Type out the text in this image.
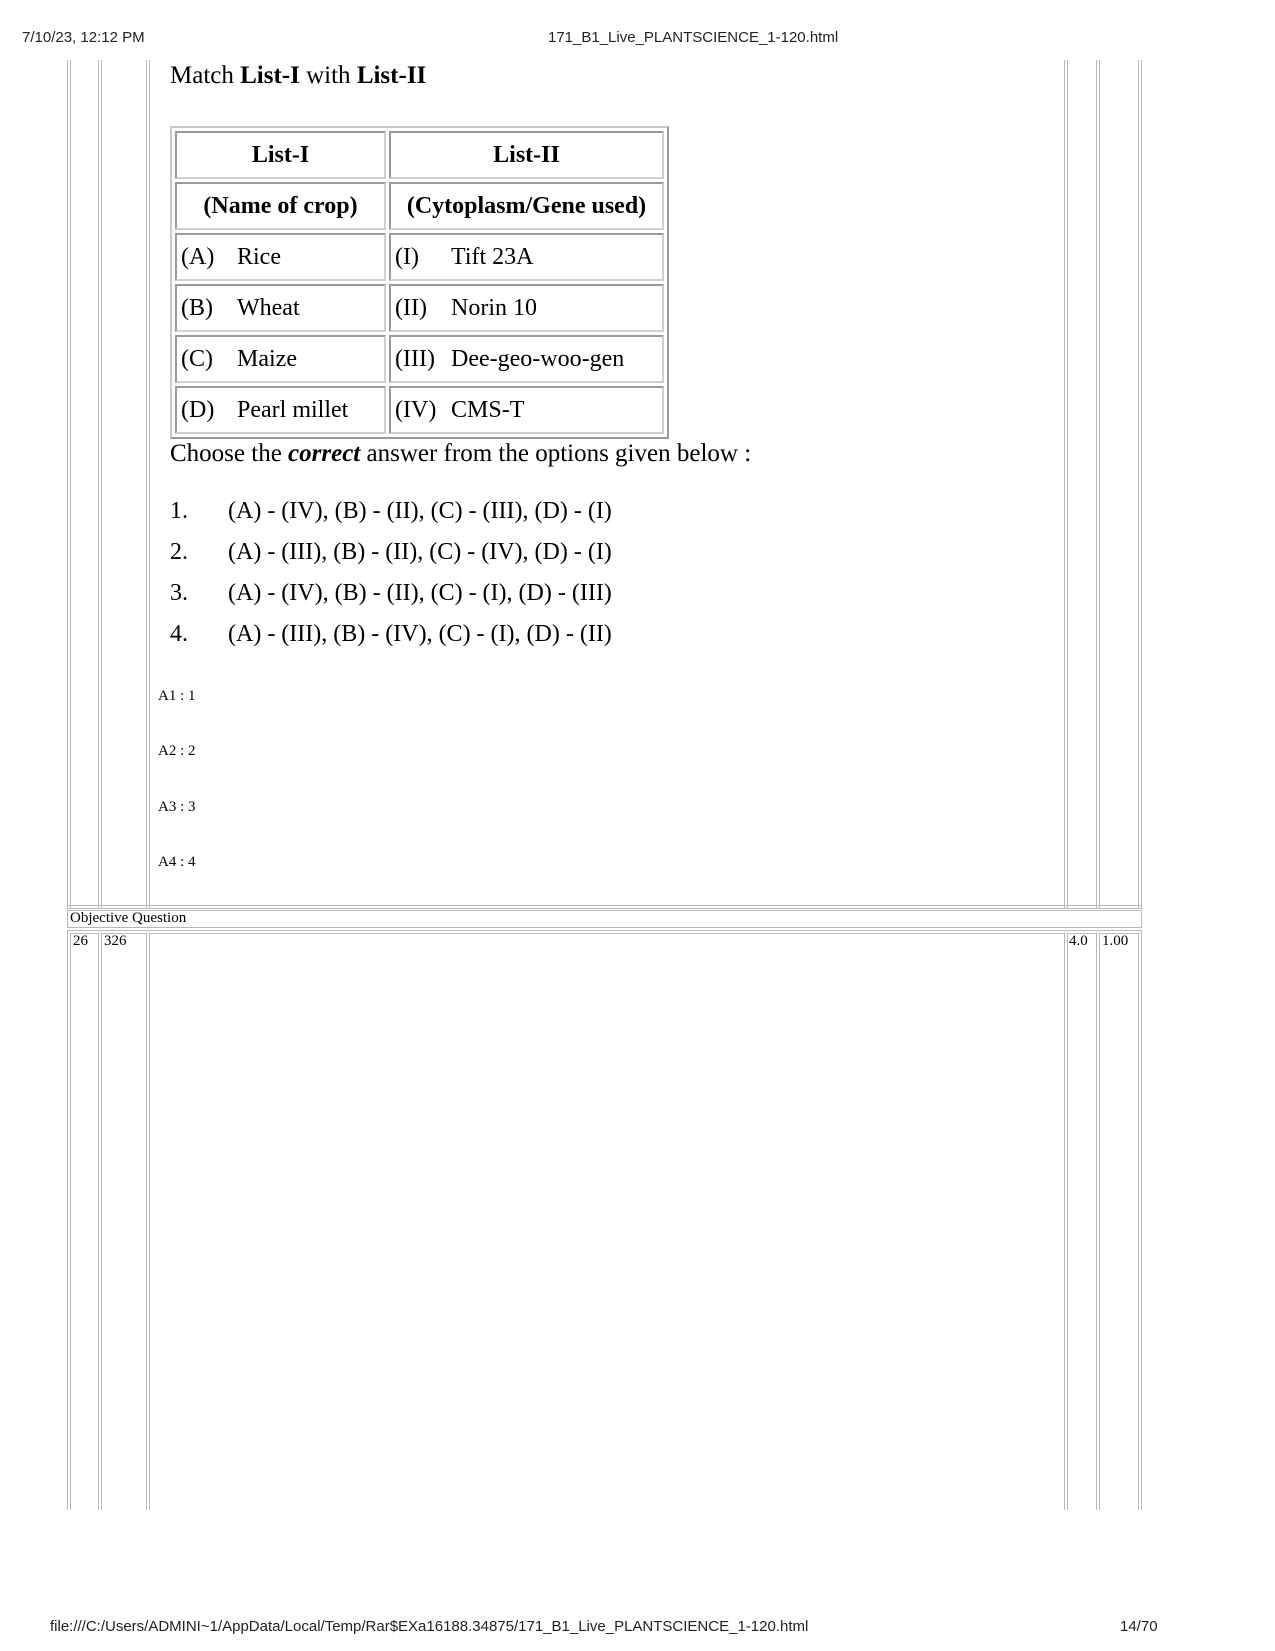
7/10/23, 12:12 PM	171_B1_Live_PLANTSCIENCE_1-120.html
Match List-I with List-II
List-I	List-II
(Name of crop)	(Cytoplasm/Gene used)
(A) Rice	(I) Tift 23A
(B) Wheat	(II) Norin 10
(C) Maize	(III) Dee-geo-woo-gen
(D) Pearl millet	(IV) CMS-T
Choose the correct answer from the options given below :
1. (A) - (IV), (B) - (II), (C) - (III), (D) - (I)
2. (A) - (III), (B) - (II), (C) - (IV), (D) - (I)
3. (A) - (IV), (B) - (II), (C) - (I), (D) - (III)
4. (A) - (III), (B) - (IV), (C) - (I), (D) - (II)
A1 : 1
A2 : 2
A3 : 3
A4 : 4
Objective Question
26 326	4.0 1.00
file:///C:/Users/ADMINI~1/AppData/Local/Temp/Rar$EXa16188.34875/171_B1_Live_PLANTSCIENCE_1-120.html	14/70
